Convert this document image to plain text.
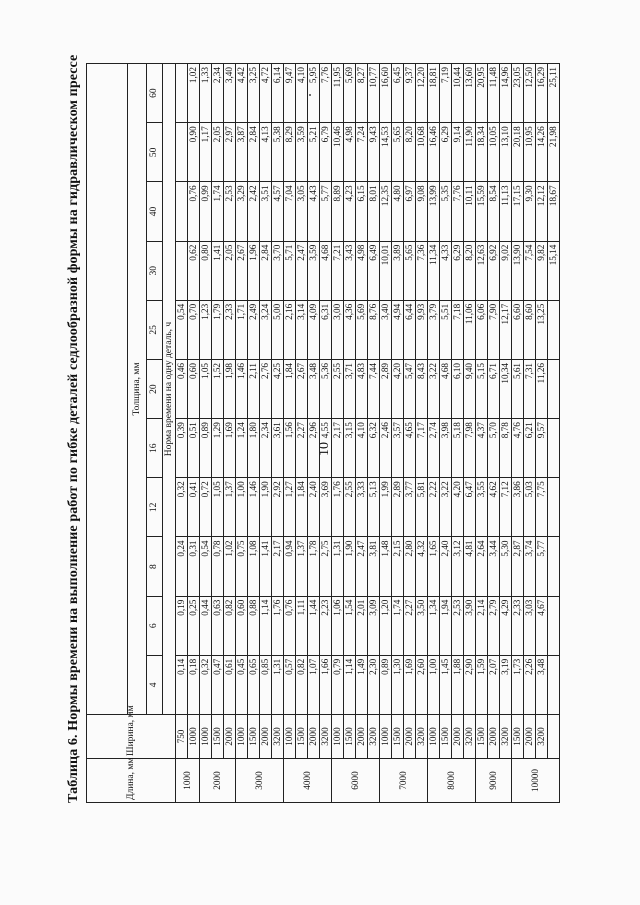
10
Таблица 6. Нормы времени на выполнение работ по гибке деталей седлообразной формы на гидравлическом прессе	Длина, мм	Ширина, мм											
		Толщина, мм										
		4	6	8	12	16	20	25	30	40	50	60
		Норма времени на одну деталь, ч										
1000	750	0,14	0,19	0,24	0,32	0,39	0,46	0,54				
	1000	0,18	0,25	0,31	0,41	0,51	0,60	0,70	0,62	0,76	0,90	1,02
2000	1000	0,32	0,44	0,54	0,72	0,89	1,05	1,23	0,80	0,99	1,17	1,33
	1500	0,47	0,63	0,78	1,05	1,29	1,52	1,79	1,41	1,74	2,05	2,34
	2000	0,61	0,82	1,02	1,37	1,69	1,98	2,33	2,05	2,53	2,97	3,40
3000	1000	0,45	0,60	0,75	1,00	1,24	1,46	1,71	2,67	3,29	3,87	4,42
	1500	0,65	0,88	1,08	1,46	1,80	2,11	2,49	1,96	2,42	2,84	3,25
	2000	0,85	1,14	1,41	1,90	2,34	2,76	3,24	2,84	3,51	4,13	4,72
	3200	1,31	1,76	2,17	2,92	3,61	4,25	5,00	3,70	4,57	5,38	6,14
4000	1000	0,57	0,76	0,94	1,27	1,56	1,84	2,16	5,71	7,04	8,29	9,47
	1500	0,82	1,11	1,37	1,84	2,27	2,67	3,14	2,47	3,05	3,59	4,10
	2000	1,07	1,44	1,78	2,40	2,96	3,48	4,09	3,59	4,43	5,21	5,95
	3200	1,66	2,23	2,75	3,69	4,55	5,36	6,31	4,68	5,77	6,79	7,76
6000	1000	0,79	1,06	1,31	1,76	2,17	2,55	3,00	7,21	8,89	10,46	11,95
	1500	1,14	1,54	1,90	2,55	3,15	3,71	4,36	3,43	4,23	4,98	5,69
	2000	1,49	2,01	2,47	3,33	4,10	4,83	5,69	4,98	6,15	7,24	8,27
	3200	2,30	3,09	3,81	5,13	6,32	7,44	8,76	6,49	8,01	9,43	10,77
7000	1000	0,89	1,20	1,48	1,99	2,46	2,89	3,40	10,01	12,35	14,53	16,60
	1500	1,30	1,74	2,15	2,89	3,57	4,20	4,94	3,89	4,80	5,65	6,45
	2000	1,69	2,27	2,80	3,77	4,65	5,47	6,44	5,65	6,97	8,20	9,37
	3200	2,60	3,50	4,32	5,81	7,17	8,43	9,93	7,36	9,08	10,68	12,20
8000	1000	1,00	1,34	1,65	2,22	2,74	3,22	3,79	11,34	13,99	16,46	18,81
	1500	1,45	1,94	2,40	3,22	3,98	4,68	5,51	4,33	5,35	6,29	7,19
	2000	1,88	2,53	3,12	4,20	5,18	6,10	7,18	6,29	7,76	9,14	10,44
	3200	2,90	3,90	4,81	6,47	7,98	9,40	11,06	8,20	10,11	11,90	13,60
9000	1500	1,59	2,14	2,64	3,55	4,37	5,15	6,06	12,63	15,59	18,34	20,95
	2000	2,07	2,79	3,44	4,62	5,70	6,71	7,90	6,92	8,54	10,05	11,48
	3200	3,19	4,29	5,30	7,12	8,78	10,34	12,17	9,02	11,13	13,10	14,96
10000	1500	1,73	2,33	2,87	3,86	4,76	5,61	6,60	13,90	17,15	20,18	23,05
	2000	2,26	3,03	3,74	5,03	6,21	7,31	8,60	7,54	9,30	10,95	12,50
	3200	3,48	4,67	5,77	7,75	9,57	11,26	13,25	9,82	12,12	14,26	16,29
									15,14	18,67	21,98	25,11
